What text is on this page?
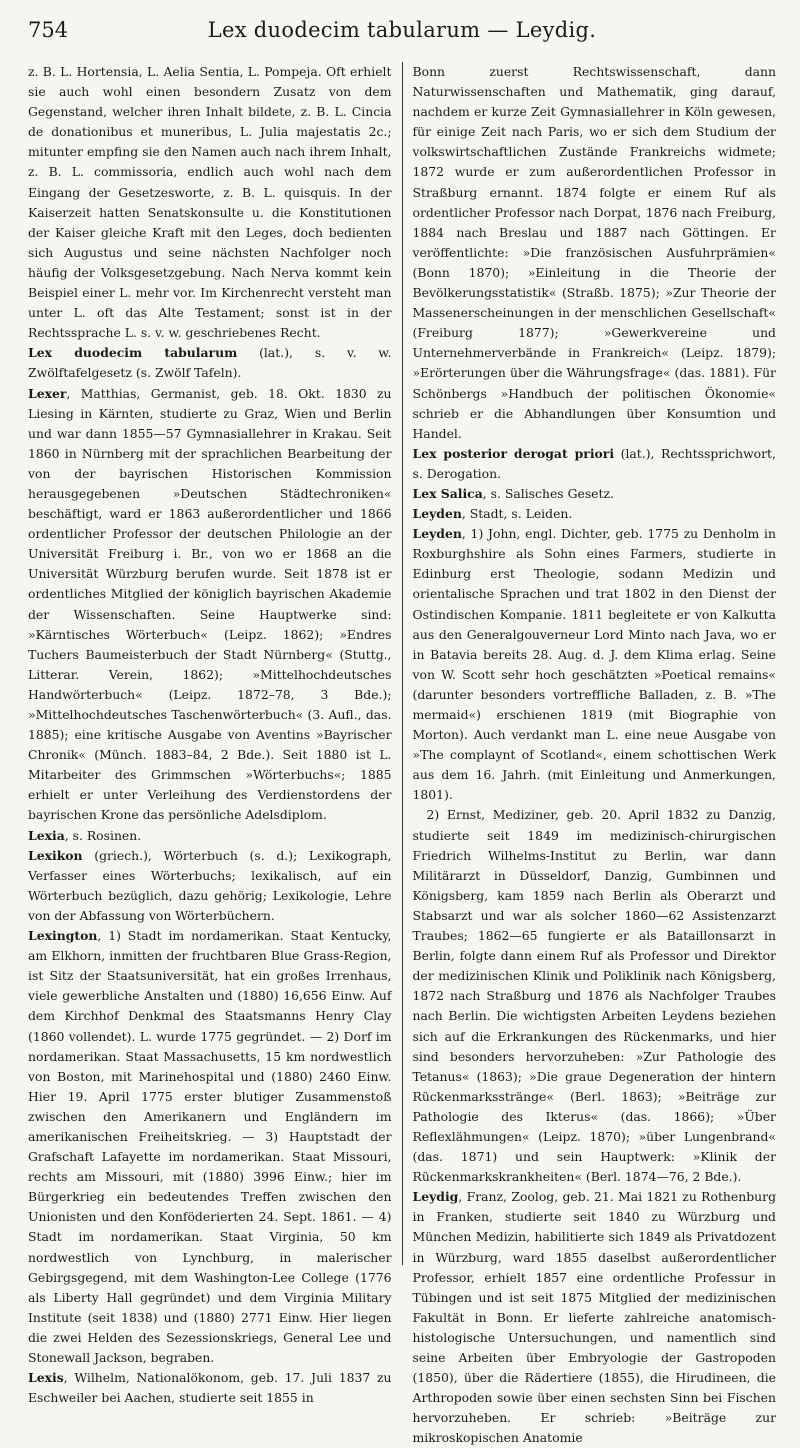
754	Lex duodecim tabularum — Leydig.

z. B. L. Hortensia, L. Aelia Sentia, L. Pompeja. Oft erhielt sie auch wohl einen besondern Zusatz von dem Gegenstand, welcher ihren Inhalt bildete, z. B. L. Cincia de donationibus et muneribus, L. Julia majestatis 2c.; mitunter empfing sie den Namen auch nach ihrem Inhalt, z. B. L. commissoria, endlich auch wohl nach dem Eingang der Gesetzesworte, z. B. L. quisquis. In der Kaiserzeit hatten Senatskonsulte u. die Konstitutionen der Kaiser gleiche Kraft mit den Leges, doch bedienten sich Augustus und seine nächsten Nachfolger noch häufig der Volksgesetzgebung. Nach Nerva kommt kein Beispiel einer L. mehr vor. Im Kirchenrecht versteht man unter L. oft das Alte Testament; sonst ist in der Rechtssprache L. s. v. w. geschriebenes Recht.

Lex duodecim tabularum (lat.), s. v. w. Zwölftafelgesetz (s. Zwölf Tafeln).

Lexer, Matthias, Germanist, geb. 18. Okt. 1830 zu Liesing in Kärnten, studierte zu Graz, Wien und Berlin und war dann 1855—57 Gymnasiallehrer in Krakau. Seit 1860 in Nürnberg mit der sprachlichen Bearbeitung der von der bayrischen Historischen Kommission herausgegebenen »Deutschen Städtechroniken« beschäftigt, ward er 1863 außerordentlicher und 1866 ordentlicher Professor der deutschen Philologie an der Universität Freiburg i. Br., von wo er 1868 an die Universität Würzburg berufen wurde. Seit 1878 ist er ordentliches Mitglied der königlich bayrischen Akademie der Wissenschaften. Seine Hauptwerke sind: »Kärntisches Wörterbuch« (Leipz. 1862); »Endres Tuchers Baumeisterbuch der Stadt Nürnberg« (Stuttg., Litterar. Verein, 1862); »Mittelhochdeutsches Handwörterbuch« (Leipz. 1872–78, 3 Bde.); »Mittelhochdeutsches Taschenwörterbuch« (3. Aufl., das. 1885); eine kritische Ausgabe von Aventins »Bayrischer Chronik« (Münch. 1883–84, 2 Bde.). Seit 1880 ist L. Mitarbeiter des Grimmschen »Wörterbuchs«; 1885 erhielt er unter Verleihung des Verdienstordens der bayrischen Krone das persönliche Adelsdiplom.

Lexia, s. Rosinen.

Lexikon (griech.), Wörterbuch (s. d.); Lexikograph, Verfasser eines Wörterbuchs; lexikalisch, auf ein Wörterbuch bezüglich, dazu gehörig; Lexikologie, Lehre von der Abfassung von Wörterbüchern.

Lexington, 1) Stadt im nordamerikan. Staat Kentucky, am Elkhorn, inmitten der fruchtbaren Blue Grass-Region, ist Sitz der Staatsuniversität, hat ein großes Irrenhaus, viele gewerbliche Anstalten und (1880) 16,656 Einw. Auf dem Kirchhof Denkmal des Staatsmanns Henry Clay (1860 vollendet). L. wurde 1775 gegründet. — 2) Dorf im nordamerikan. Staat Massachusetts, 15 km nordwestlich von Boston, mit Marinehospital und (1880) 2460 Einw. Hier 19. April 1775 erster blutiger Zusammenstoß zwischen den Amerikanern und Engländern im amerikanischen Freiheitskrieg. — 3) Hauptstadt der Grafschaft Lafayette im nordamerikan. Staat Missouri, rechts am Missouri, mit (1880) 3996 Einw.; hier im Bürgerkrieg ein bedeutendes Treffen zwischen den Unionisten und den Konföderierten 24. Sept. 1861. — 4) Stadt im nordamerikan. Staat Virginia, 50 km nordwestlich von Lynchburg, in malerischer Gebirgsgegend, mit dem Washington-Lee College (1776 als Liberty Hall gegründet) und dem Virginia Military Institute (seit 1838) und (1880) 2771 Einw. Hier liegen die zwei Helden des Sezessionskriegs, General Lee und Stonewall Jackson, begraben.

Lexis, Wilhelm, Nationalökonom, geb. 17. Juli 1837 zu Eschweiler bei Aachen, studierte seit 1855 in

Bonn zuerst Rechtswissenschaft, dann Naturwissenschaften und Mathematik, ging darauf, nachdem er kurze Zeit Gymnasiallehrer in Köln gewesen, für einige Zeit nach Paris, wo er sich dem Studium der volkswirtschaftlichen Zustände Frankreichs widmete; 1872 wurde er zum außerordentlichen Professor in Straßburg ernannt. 1874 folgte er einem Ruf als ordentlicher Professor nach Dorpat, 1876 nach Freiburg, 1884 nach Breslau und 1887 nach Göttingen. Er veröffentlichte: »Die französischen Ausfuhrprämien« (Bonn 1870); »Einleitung in die Theorie der Bevölkerungsstatistik« (Straßb. 1875); »Zur Theorie der Massenerscheinungen in der menschlichen Gesellschaft« (Freiburg 1877); »Gewerkvereine und Unternehmerverbände in Frankreich« (Leipz. 1879); »Erörterungen über die Währungsfrage« (das. 1881). Für Schönbergs »Handbuch der politischen Ökonomie« schrieb er die Abhandlungen über Konsumtion und Handel.

Lex posterior derogat priori (lat.), Rechtssprichwort, s. Derogation.

Lex Salica, s. Salisches Gesetz.

Leyden, Stadt, s. Leiden.

Leyden, 1) John, engl. Dichter, geb. 1775 zu Denholm in Roxburghshire als Sohn eines Farmers, studierte in Edinburg erst Theologie, sodann Medizin und orientalische Sprachen und trat 1802 in den Dienst der Ostindischen Kompanie. 1811 begleitete er von Kalkutta aus den Generalgouverneur Lord Minto nach Java, wo er in Batavia bereits 28. Aug. d. J. dem Klima erlag. Seine von W. Scott sehr hoch geschätzten »Poetical remains« (darunter besonders vortreffliche Balladen, z. B. »The mermaid«) erschienen 1819 (mit Biographie von Morton). Auch verdankt man L. eine neue Ausgabe von »The complaynt of Scotland«, einem schottischen Werk aus dem 16. Jahrh. (mit Einleitung und Anmerkungen, 1801).

2) Ernst, Mediziner, geb. 20. April 1832 zu Danzig, studierte seit 1849 im medizinisch-chirurgischen Friedrich Wilhelms-Institut zu Berlin, war dann Militärarzt in Düsseldorf, Danzig, Gumbinnen und Königsberg, kam 1859 nach Berlin als Oberarzt und Stabsarzt und war als solcher 1860—62 Assistenzarzt Traubes; 1862—65 fungierte er als Bataillonsarzt in Berlin, folgte dann einem Ruf als Professor und Direktor der medizinischen Klinik und Poliklinik nach Königsberg, 1872 nach Straßburg und 1876 als Nachfolger Traubes nach Berlin. Die wichtigsten Arbeiten Leydens beziehen sich auf die Erkrankungen des Rückenmarks, und hier sind besonders hervorzuheben: »Zur Pathologie des Tetanus« (1863); »Die graue Degeneration der hintern Rückenmarksstränge« (Berl. 1863); »Beiträge zur Pathologie des Ikterus« (das. 1866); »Über Reflexlähmungen« (Leipz. 1870); »über Lungenbrand« (das. 1871) und sein Hauptwerk: »Klinik der Rückenmarkskrankheiten« (Berl. 1874—76, 2 Bde.).

Leydig, Franz, Zoolog, geb. 21. Mai 1821 zu Rothenburg in Franken, studierte seit 1840 zu Würzburg und München Medizin, habilitierte sich 1849 als Privatdozent in Würzburg, ward 1855 daselbst außerordentlicher Professor, erhielt 1857 eine ordentliche Professur in Tübingen und ist seit 1875 Mitglied der medizinischen Fakultät in Bonn. Er lieferte zahlreiche anatomisch-histologische Untersuchungen, und namentlich sind seine Arbeiten über Embryologie der Gastropoden (1850), über die Rädertiere (1855), die Hirudineen, die Arthropoden sowie über einen sechsten Sinn bei Fischen hervorzuheben. Er schrieb: »Beiträge zur mikroskopischen Anatomie
